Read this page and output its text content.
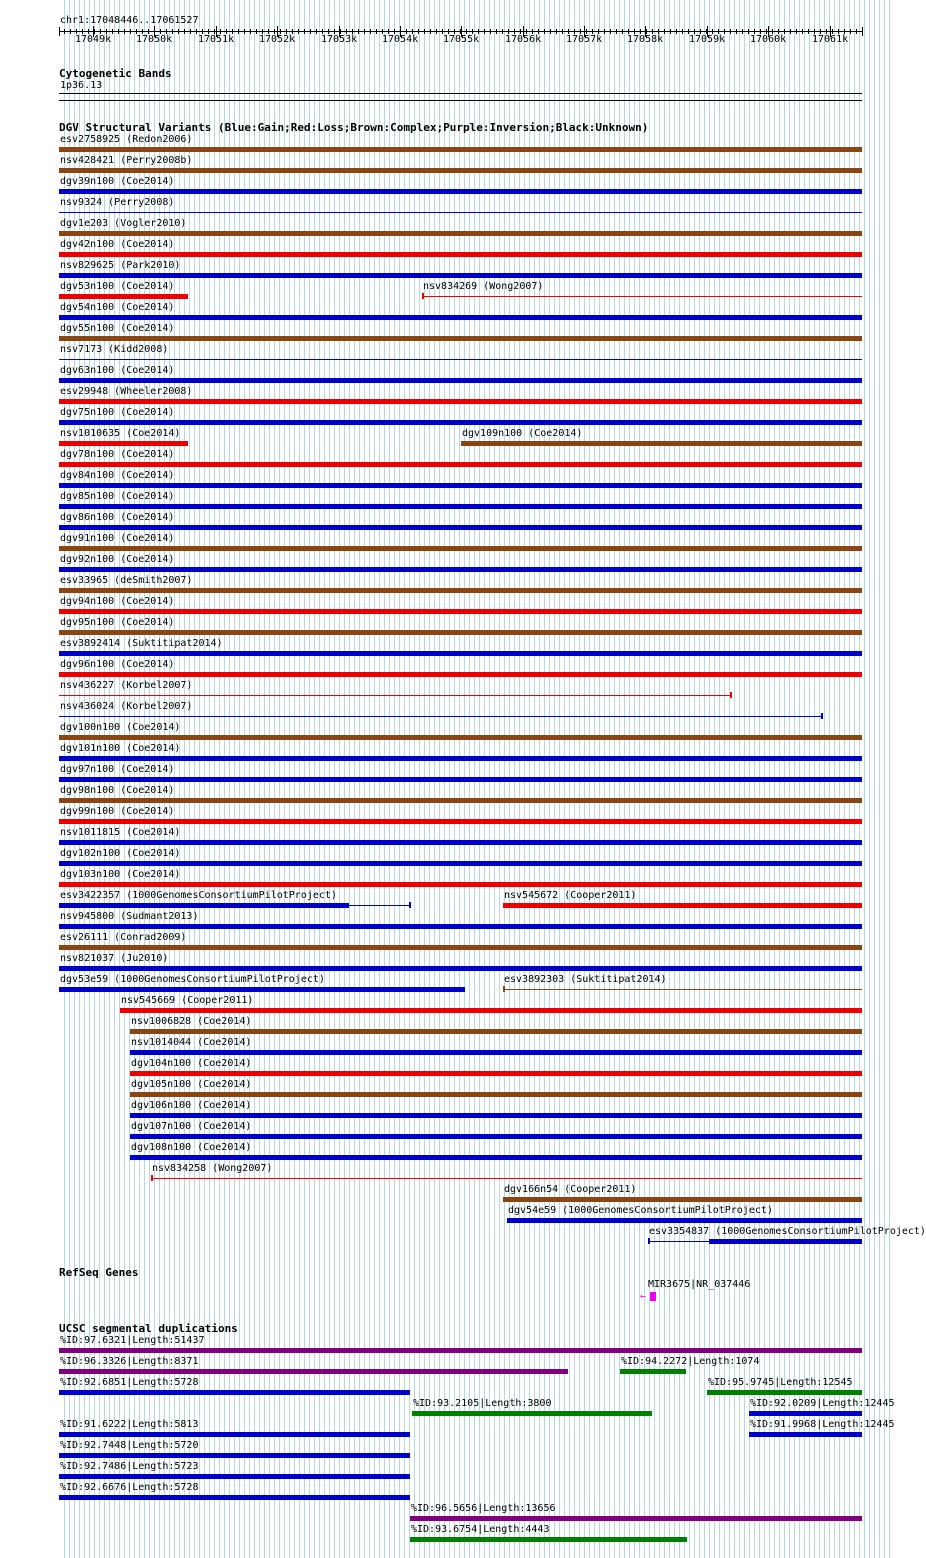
chr1:17048446..17061527
17049k 17050k	17051k 17052k	17053k 17054k 17055k	17056k 17057k 17058k	17059k 17060k	17061k
Cytogenetic Bands
1p36.13
DGV Structural Variants (Blue:Gain;Red:Loss;Brown:Complex;Purple:Inversion;Black:Unknown)
esv2758925 (Redon2006)
nsv428421 (Perry2008b)
dgv39n100 (Coe2014)
nsv9324 (Perry2008)
dgv1e203 (Vogler2010)
dgv42n100 (Coe2014)
nsv829625 (Park2010)
dgv53n100 (Coe2014)	nsv834269 (Wong2007)
dgv54n100 (Coe2014)
dgv55n100 (Coe2014)
nsv7173 (Kidd2008)
dgv63n100 (Coe2014)
esv29948 (Wheeler2008)
dgv75n100 (Coe2014)
nsv1010635 (Coe2014)	dgv109n100 (Coe2014)
dgv78n100 (Coe2014)
dgv84n100 (Coe2014)
dgv85n100 (Coe2014)
dgv86n100 (Coe2014)
dgv91n100 (Coe2014)
dgv92n100 (Coe2014)
esv33965 (deSmith2007)
dgv94n100 (Coe2014)
dgv95n100 (Coe2014)
esv3892414 (Suktitipat2014)
dgv96n100 (Coe2014)
nsv436227 (Korbel2007)
nsv436024 (Korbel2007)
dgv100n100 (Coe2014)
dgv101n100 (Coe2014)
dgv97n100 (Coe2014)
dgv98n100 (Coe2014)
dgv99n100 (Coe2014)
nsv1011815 (Coe2014)
dgv102n100 (Coe2014)
dgv103n100 (Coe2014)
esv3422357 (1000GenomesConsortiumPilotProject)	nsv545672 (Cooper2011)
nsv945800 (Sudmant2013)
esv26111 (Conrad2009)
nsv821037 (Ju2010)
dgv53e59 (1000GenomesConsortiumPilotProject)	esv3892303 (Suktitipat2014)
nsv545669 (Cooper2011)
nsv1006828 (Coe2014)
nsv1014044 (Coe2014)
dgv104n100 (Coe2014)
dgv105n100 (Coe2014)
dgv106n100 (Coe2014)
dgv107n100 (Coe2014)
dgv108n100 (Coe2014)
nsv834258 (Wong2007)
dgv166n54 (Cooper2011)
dgv54e59 (1000GenomesConsortiumPilotProject)
esv3354837 (1000GenomesConsortiumPilotProject)
RefSeq Genes
MIR3675|NR_037446
←
UCSC segmental duplications
%ID:97.6321|Length:51437
%ID:96.3326|Length:8371	%ID:94.2272|Length:1074
%ID:92.6851|Length:5728
%ID:93.2105|Length:3800
%ID:95.9745|Length:12545
%ID:91.6222|Length:5813
%ID:92.0209|Length:12445
%ID:92.7448|Length:5720
%ID:91.9968|Length:12445
%ID:92.7486|Length:5723
%ID:92.6676|Length:5728
%ID:96.5656|Length:13656
%ID:93.6754|Length:4443
